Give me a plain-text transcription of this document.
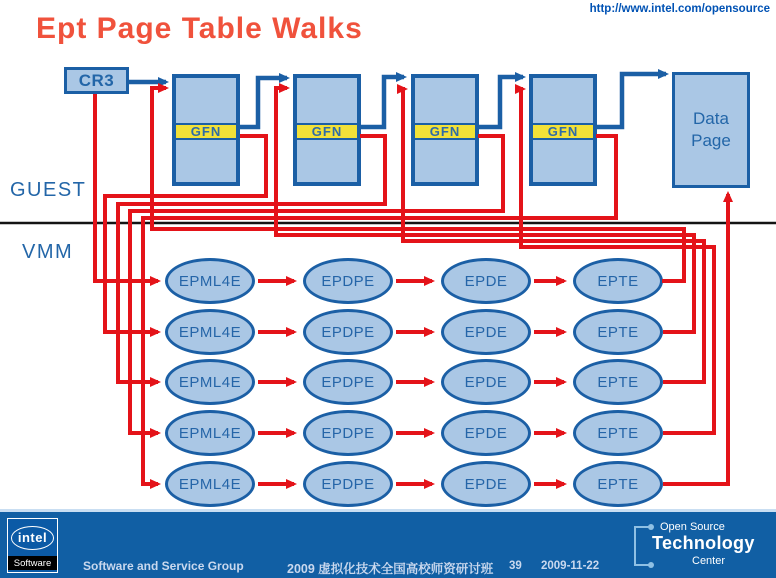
Ept Page Table Walks
http://www.intel.com/opensource
CR3
Data Page
GUEST
VMM
intel
Software	Software and Service Group	2009 虚拟化技术全国高校师资研讨班 39 2009-11-22
Open Source
Technology
Center
GFN	GFN	GFN	GFN
EPML4E	EPDPE	EPDE	EPTE
EPML4E	EPDPE	EPDE	EPTE
EPML4E	EPDPE	EPDE	EPTE
EPML4E	EPDPE	EPDE	EPTE
EPML4E	EPDPE	EPDE	EPTE
